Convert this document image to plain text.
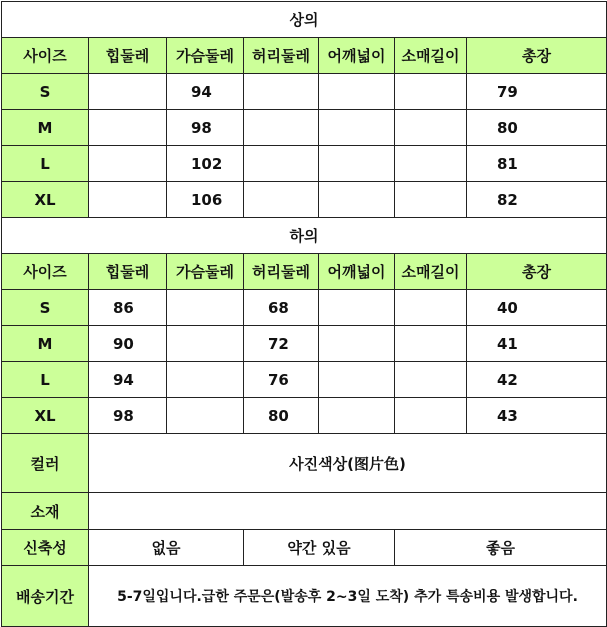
상의						
사이즈	힙둘레	가슴둘레	허리둘레	어깨넓이	소매길이	총장
S		94				79
M		98				80
L		102				81
XL		106				82
하의						
사이즈	힙둘레	가슴둘레	허리둘레	어깨넓이	소매길이	총장
S	86		68			40
M	90		72			41
L	94		76			42
XL	98		80			43
컬러	사진색상(图片色)					
소재						
신축성	없음		약간 있음		좋음	
배송기간	5-7일입니다.급한 주문은(발송후 2~3일 도착) 추가 특송비용 발생합니다.					
